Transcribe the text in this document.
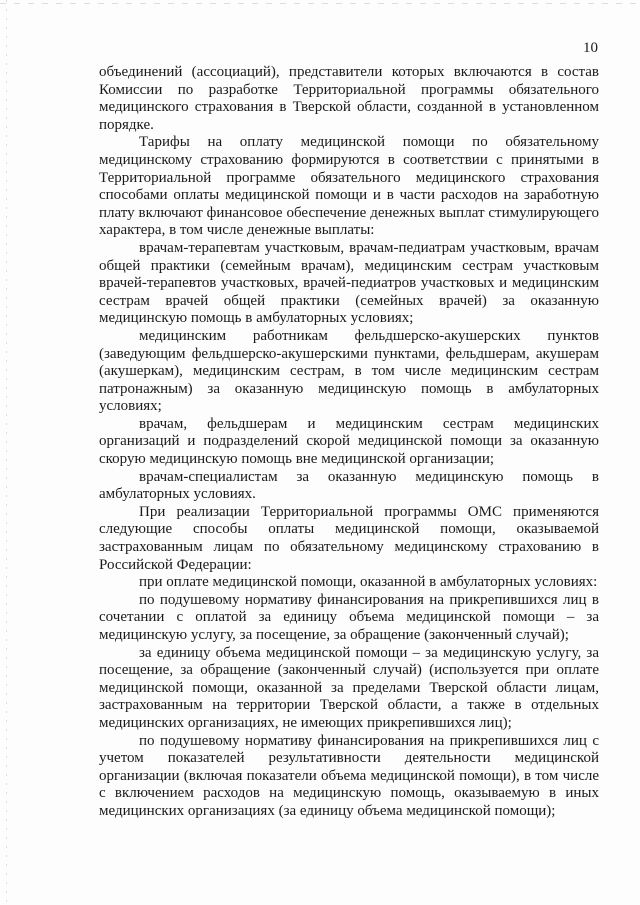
10

объединений (ассоциаций), представители которых включаются в состав Комиссии по разработке Территориальной программы обязательного медицинского страхования в Тверской области, созданной в установленном порядке.

Тарифы на оплату медицинской помощи по обязательному медицинскому страхованию формируются в соответствии с принятыми в Территориальной программе обязательного медицинского страхования способами оплаты медицинской помощи и в части расходов на заработную плату включают финансовое обеспечение денежных выплат стимулирующего характера, в том числе денежные выплаты:

врачам-терапевтам участковым, врачам-педиатрам участковым, врачам общей практики (семейным врачам), медицинским сестрам участковым врачей-терапевтов участковых, врачей-педиатров участковых и медицинским сестрам врачей общей практики (семейных врачей) за оказанную медицинскую помощь в амбулаторных условиях;

медицинским работникам фельдшерско-акушерских пунктов (заведующим фельдшерско-акушерскими пунктами, фельдшерам, акушерам (акушеркам), медицинским сестрам, в том числе медицинским сестрам патронажным) за оказанную медицинскую помощь в амбулаторных условиях;

врачам, фельдшерам и медицинским сестрам медицинских организаций и подразделений скорой медицинской помощи за оказанную скорую медицинскую помощь вне медицинской организации;

врачам-специалистам за оказанную медицинскую помощь в амбулаторных условиях.

При реализации Территориальной программы ОМС применяются следующие способы оплаты медицинской помощи, оказываемой застрахованным лицам по обязательному медицинскому страхованию в Российской Федерации:

при оплате медицинской помощи, оказанной в амбулаторных условиях:

по подушевому нормативу финансирования на прикрепившихся лиц в сочетании с оплатой за единицу объема медицинской помощи – за медицинскую услугу, за посещение, за обращение (законченный случай);

за единицу объема медицинской помощи – за медицинскую услугу, за посещение, за обращение (законченный случай) (используется при оплате медицинской помощи, оказанной за пределами Тверской области лицам, застрахованным на территории Тверской области, а также в отдельных медицинских организациях, не имеющих прикрепившихся лиц);

по подушевому нормативу финансирования на прикрепившихся лиц с учетом показателей результативности деятельности медицинской организации (включая показатели объема медицинской помощи), в том числе с включением расходов на медицинскую помощь, оказываемую в иных медицинских организациях (за единицу объема медицинской помощи);
